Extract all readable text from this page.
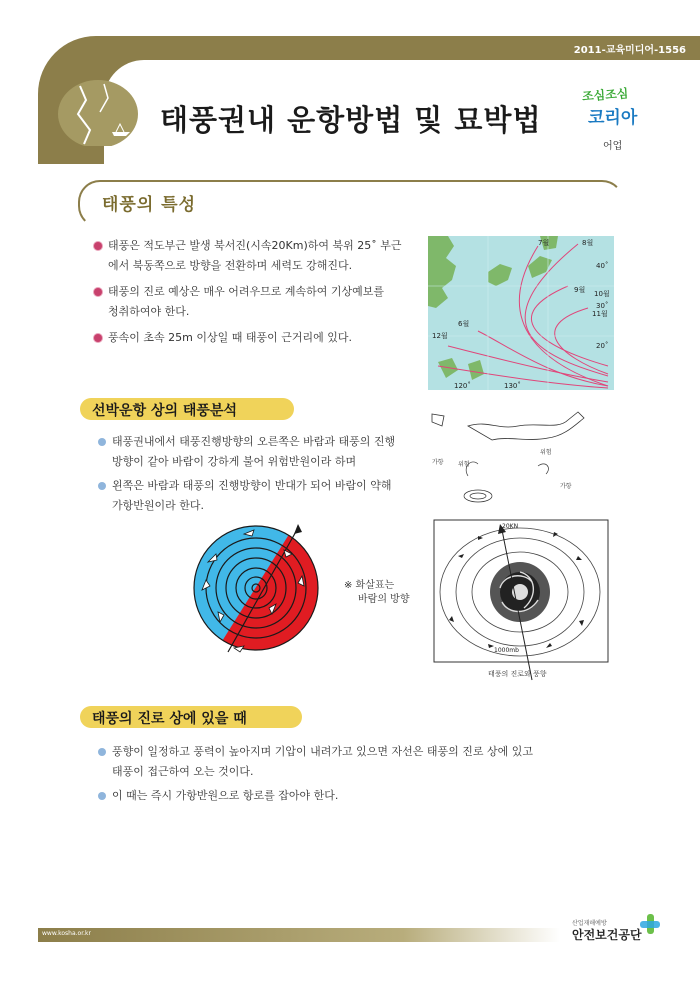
2011-교육미디어-1556
태풍권내 운항방법 및 묘박법
조심조심
코리아
어업
태풍의 특성
태풍은 적도부근 발생 북서진(시속20Km)하여 북위 25˚ 부근
에서 북동쪽으로 방향을 전환하며 세력도 강해진다.
태풍의 진로 예상은 매우 어려우므로 계속하여 기상예보를
청취하여야 한다.
풍속이 초속 25m 이상일 때 태풍이 근거리에 있다.
7월	8월
9월 10월
11월
6월
12월
40˚
30˚
20˚
120˚	130˚
선박운항 상의 태풍분석
태풍권내에서 태풍진행방향의 오른쪽은 바람과 태풍의 진행
방향이 같아 바람이 강하게 불어 위험반원이라 하며
왼쪽은 바람과 태풍의 진행방향이 반대가 되어 바람이 약해
가항반원이라 한다.
※ 화살표는
바람의 방향
위험
가항
위험
가항
20KN
1000mb
태풍의 진로와 풍향
태풍의 진로 상에 있을 때
풍향이 일정하고 풍력이 높아지며 기압이 내려가고 있으면 자선은 태풍의 진로 상에 있고
태풍이 접근하여 오는 것이다.
이 때는 즉시 가항반원으로 항로를 잡아야 한다.
www.kosha.or.kr
산업재해예방
안전보건공단
